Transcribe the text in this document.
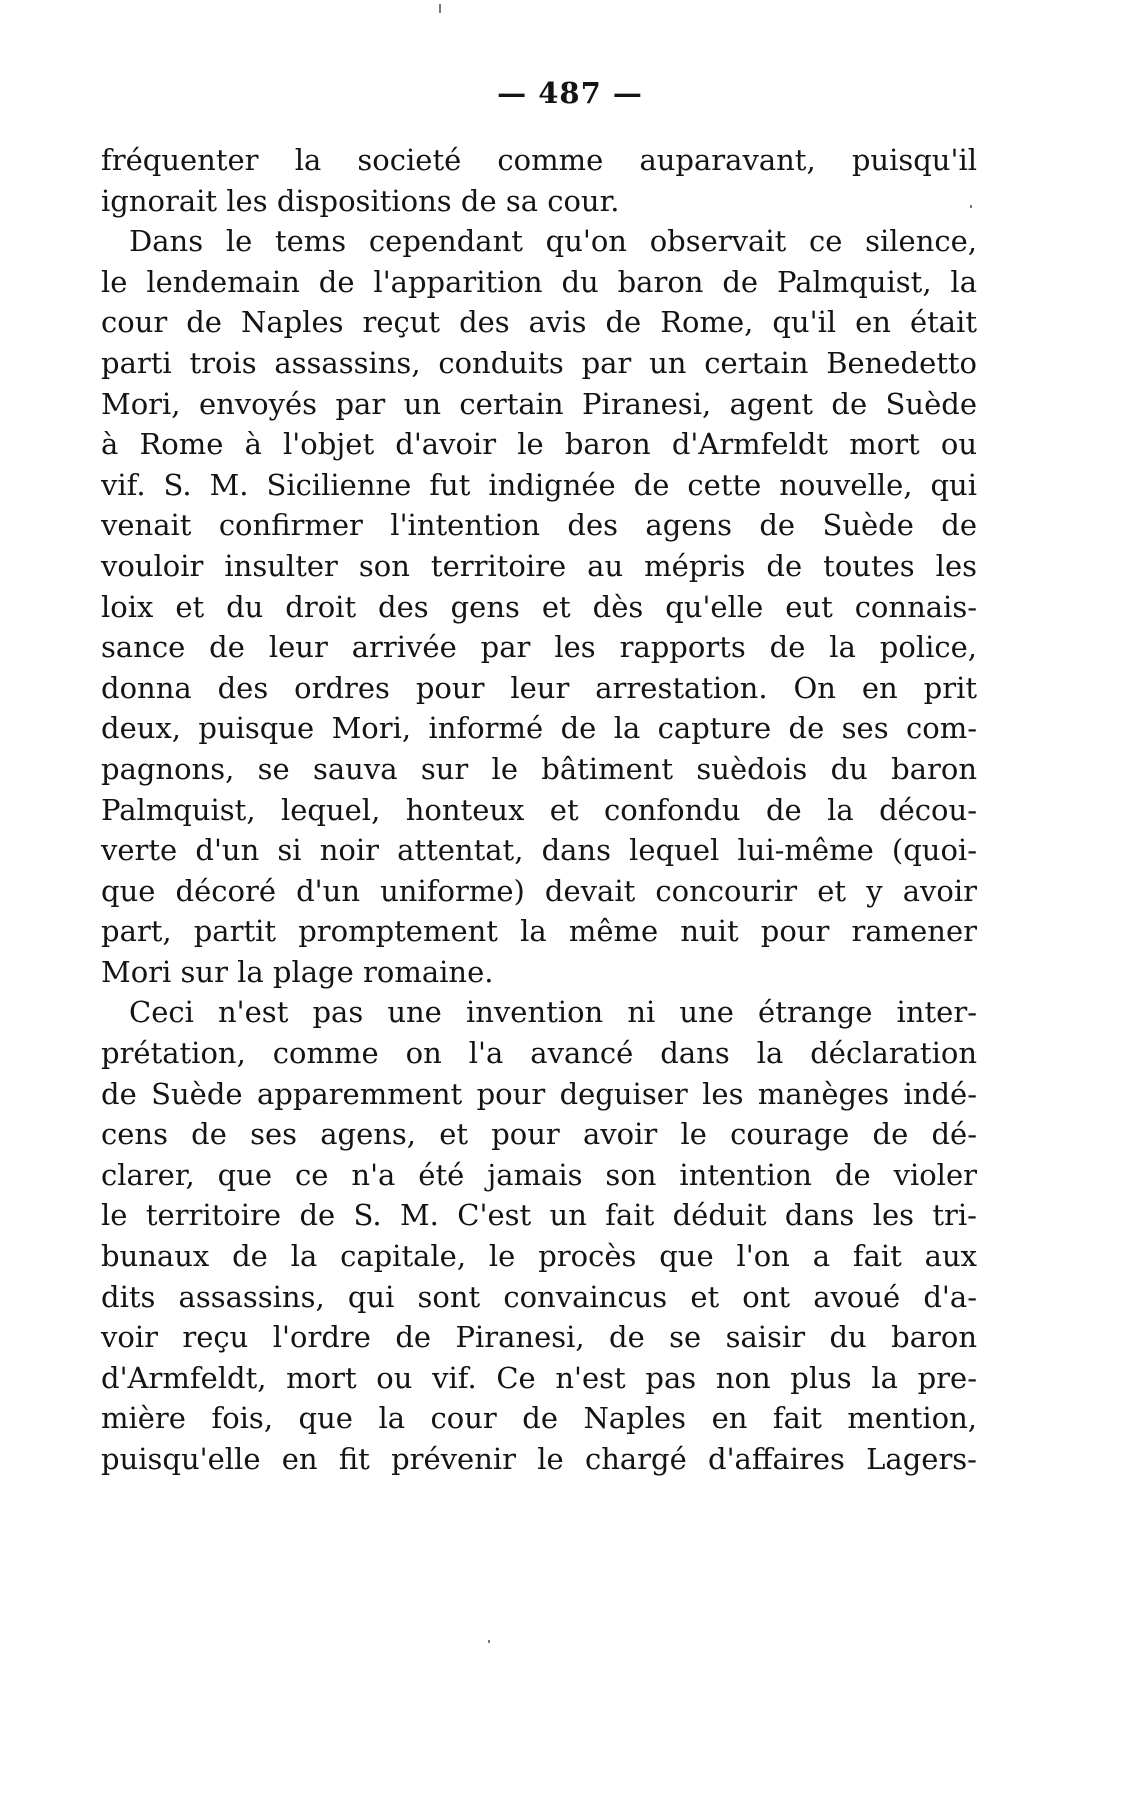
— 487 —
fréquenter la societé comme auparavant, puisqu'il
ignorait les dispositions de sa cour.
Dans le tems cependant qu'on observait ce silence,
le lendemain de l'apparition du baron de Palmquist, la
cour de Naples reçut des avis de Rome, qu'il en était
parti trois assassins, conduits par un certain Benedetto
Mori, envoyés par un certain Piranesi, agent de Suède
à Rome à l'objet d'avoir le baron d'Armfeldt mort ou
vif. S. M. Sicilienne fut indignée de cette nouvelle, qui
venait confirmer l'intention des agens de Suède de
vouloir insulter son territoire au mépris de toutes les
loix et du droit des gens et dès qu'elle eut connais-
sance de leur arrivée par les rapports de la police,
donna des ordres pour leur arrestation. On en prit
deux, puisque Mori, informé de la capture de ses com-
pagnons, se sauva sur le bâtiment suèdois du baron
Palmquist, lequel, honteux et confondu de la décou-
verte d'un si noir attentat, dans lequel lui-même (quoi-
que décoré d'un uniforme) devait concourir et y avoir
part, partit promptement la même nuit pour ramener
Mori sur la plage romaine.
Ceci n'est pas une invention ni une étrange inter-
prétation, comme on l'a avancé dans la déclaration
de Suède apparemment pour deguiser les manèges indé-
cens de ses agens, et pour avoir le courage de dé-
clarer, que ce n'a été jamais son intention de violer
le territoire de S. M. C'est un fait déduit dans les tri-
bunaux de la capitale, le procès que l'on a fait aux
dits assassins, qui sont convaincus et ont avoué d'a-
voir reçu l'ordre de Piranesi, de se saisir du baron
d'Armfeldt, mort ou vif. Ce n'est pas non plus la pre-
mière fois, que la cour de Naples en fait mention,
puisqu'elle en fit prévenir le chargé d'affaires Lagers-
